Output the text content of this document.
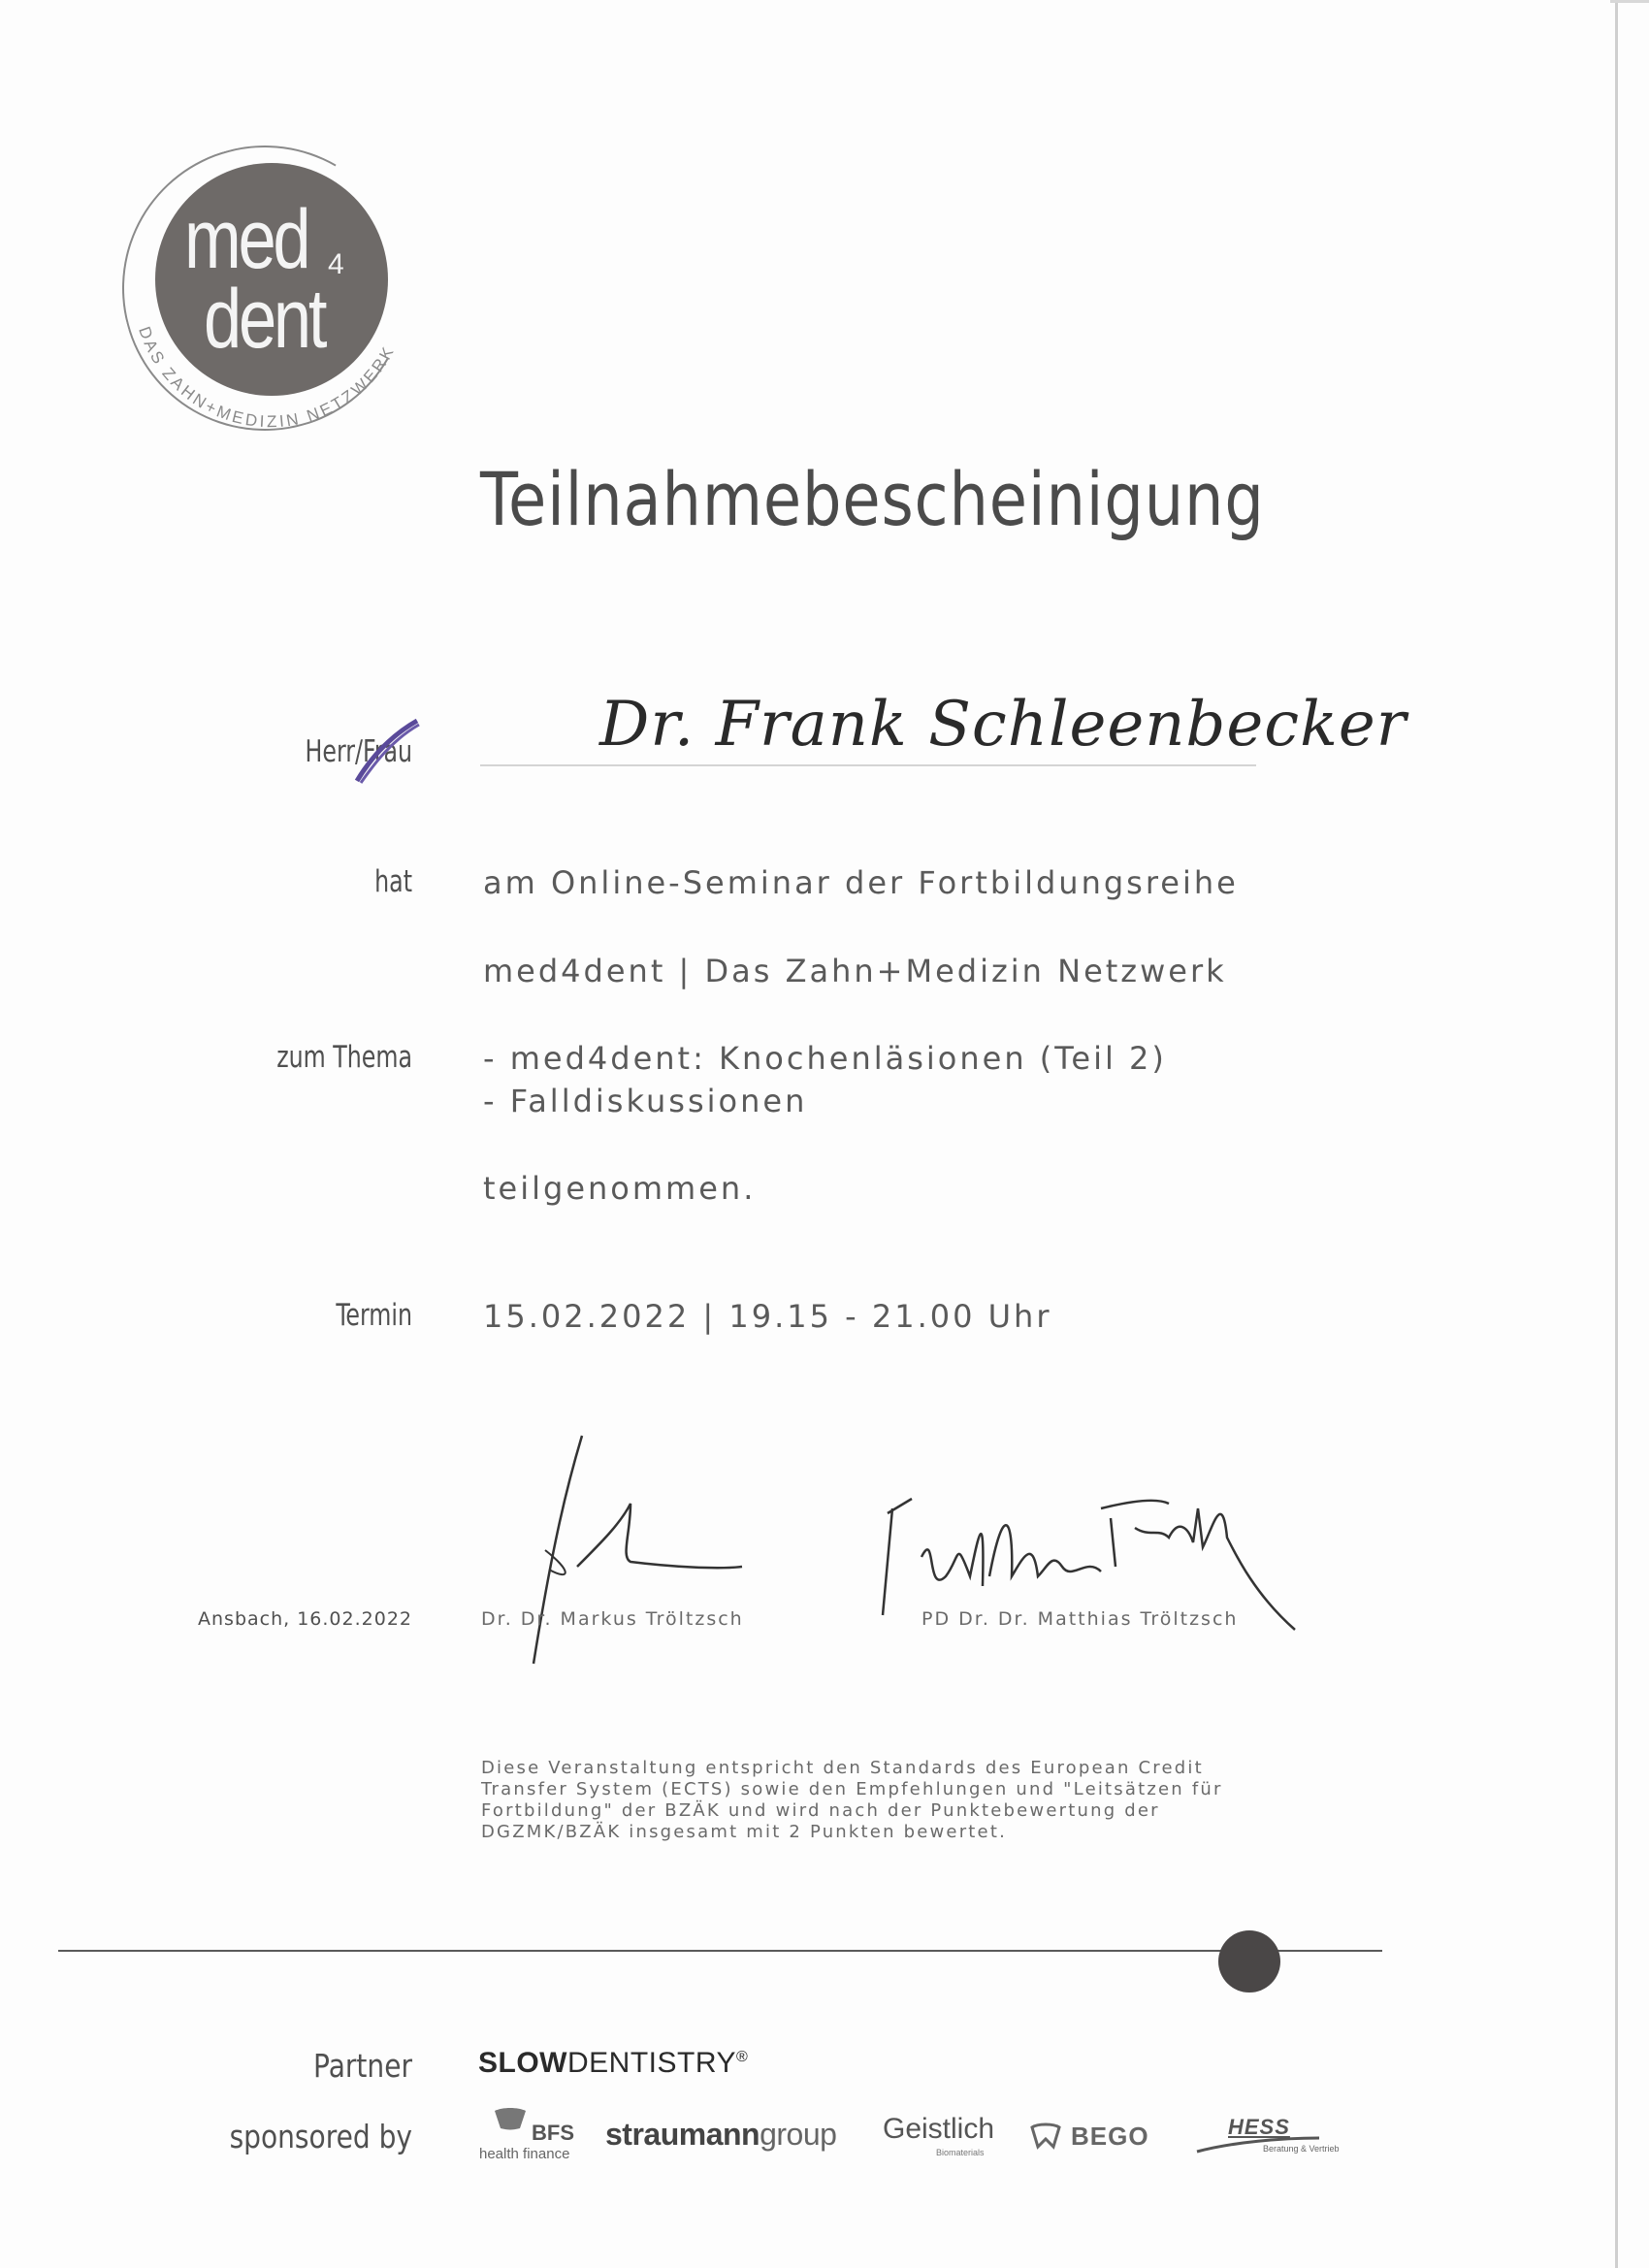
med 4
dent
DAS ZAHN+MEDIZIN NETZWERK
Teilnahmebescheinigung
Herr/Frau	Dr. Frank Schleenbecker
hat am Online-Seminar der Fortbildungsreihe
med4dent | Das Zahn+Medizin Netzwerk
zum Thema - med4dent: Knochenläsionen (Teil 2)
- Falldiskussionen
teilgenommen.
Termin 15.02.2022 | 19.15 - 21.00 Uhr
Ansbach, 16.02.2022	Dr. Dr. Markus Tröltzsch	PD Dr. Dr. Matthias Tröltzsch
Diese Veranstaltung entspricht den Standards des European Credit Transfer System (ECTS) sowie den Empfehlungen und "Leitsätzen für Fortbildung" der BZÄK und wird nach der Punktebewertung der DGZMK/BZÄK insgesamt mit 2 Punkten bewertet.
Partner SLOWDENTISTRY®
sponsored by	BFS
health finance
straumanngroup Geistlich
Biomaterials
BEGO	HESS
Beratung & Vertrieb
